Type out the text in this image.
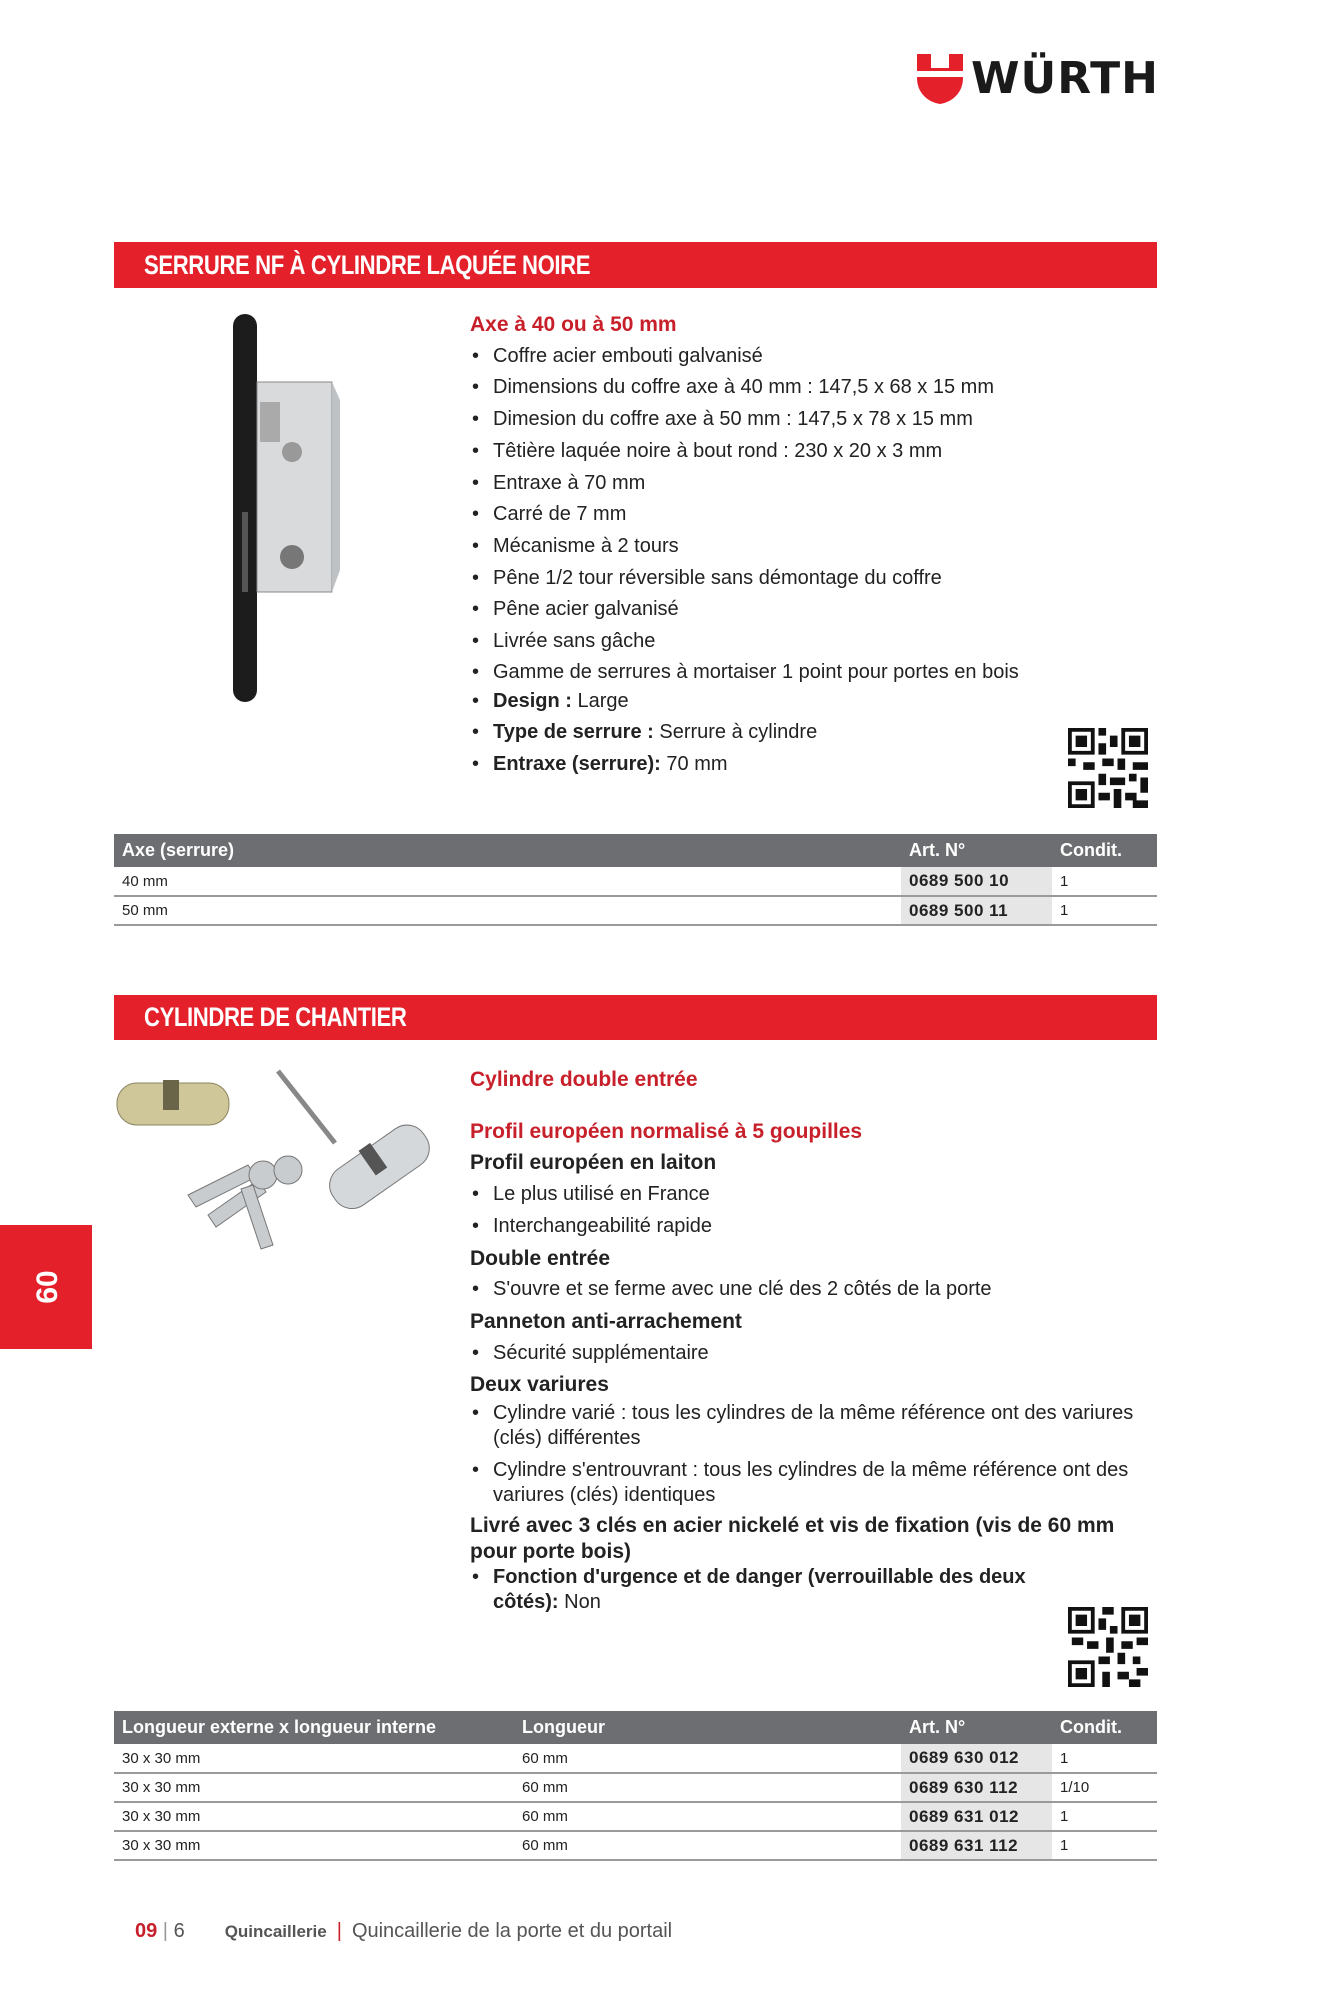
WÜRTH
SERRURE NF À CYLINDRE LAQUÉE NOIRE
Axe à 40 ou à 50 mm
• Coffre acier embouti galvanisé
• Dimensions du coffre axe à 40 mm : 147,5 x 68 x 15 mm
• Dimesion du coffre axe à 50 mm : 147,5 x 78 x 15 mm
• Têtière laquée noire à bout rond : 230 x 20 x 3 mm
• Entraxe à 70 mm
• Carré de 7 mm
• Mécanisme à 2 tours
• Pêne 1/2 tour réversible sans démontage du coffre
• Pêne acier galvanisé
• Livrée sans gâche
• Gamme de serrures à mortaiser 1 point pour portes en bois
• Design : Large
• Type de serrure : Serrure à cylindre
• Entraxe (serrure): 70 mm
Axe (serrure)	Art. N°	Condit.
40 mm	0689 500 10	1
50 mm	0689 500 11	1
CYLINDRE DE CHANTIER
Cylindre double entrée
Profil européen normalisé à 5 goupilles
Profil européen en laiton
• Le plus utilisé en France
• Interchangeabilité rapide
Double entrée
• S'ouvre et se ferme avec une clé des 2 côtés de la porte
Panneton anti-arrachement
• Sécurité supplémentaire
Deux variures
• Cylindre varié : tous les cylindres de la même référence ont des variures (clés) différentes
• Cylindre s'entrouvrant : tous les cylindres de la même référence ont des variures (clés) identiques
Livré avec 3 clés en acier nickelé et vis de fixation (vis de 60 mm pour porte bois)
• Fonction d'urgence et de danger (verrouillable des deux côtés): Non
Longueur externe x longueur interne	Longueur	Art. N°	Condit.
30 x 30 mm	60 mm	0689 630 012	1
30 x 30 mm	60 mm	0689 630 112	1/10
30 x 30 mm	60 mm	0689 631 012	1
30 x 30 mm	60 mm	0689 631 112	1
09
09 | 6 Quincaillerie | Quincaillerie de la porte et du portail
